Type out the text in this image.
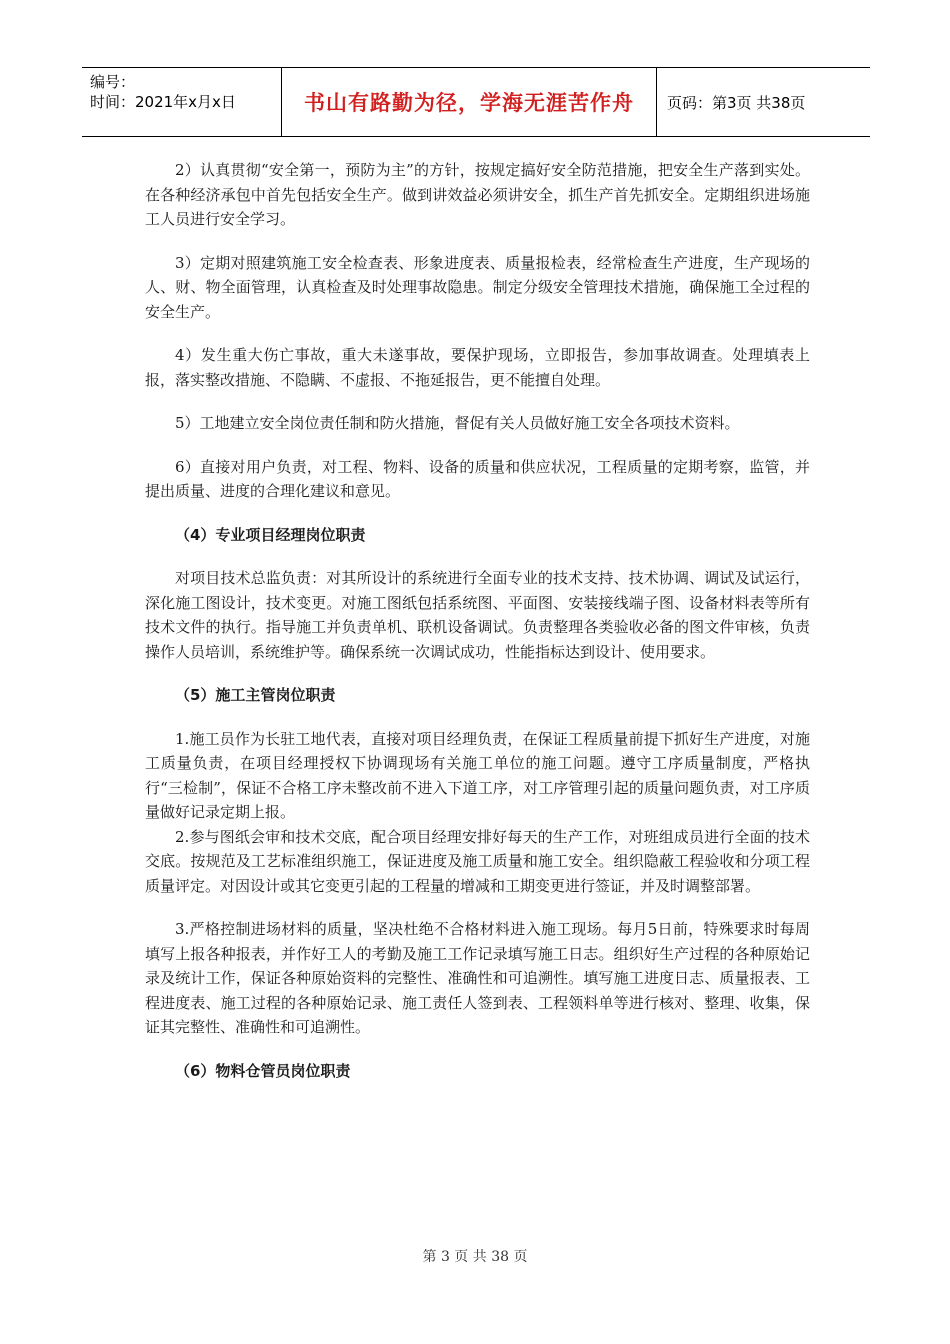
编号：
时间：2021年x月x日	书山有路勤为径，学海无涯苦作舟	页码：第3页 共38页

2）认真贯彻“安全第一，预防为主”的方针，按规定搞好安全防范措施，把安全生产落到实处。在各种经济承包中首先包括安全生产。做到讲效益必须讲安全，抓生产首先抓安全。定期组织进场施工人员进行安全学习。

3）定期对照建筑施工安全检查表、形象进度表、质量报检表，经常检查生产进度，生产现场的人、财、物全面管理，认真检查及时处理事故隐患。制定分级安全管理技术措施，确保施工全过程的安全生产。

4）发生重大伤亡事故，重大未遂事故，要保护现场，立即报告，参加事故调查。处理填表上报，落实整改措施、不隐瞒、不虚报、不拖延报告，更不能擅自处理。

5）工地建立安全岗位责任制和防火措施，督促有关人员做好施工安全各项技术资料。

6）直接对用户负责，对工程、物料、设备的质量和供应状况，工程质量的定期考察，监管，并提出质量、进度的合理化建议和意见。

（4）专业项目经理岗位职责

对项目技术总监负责：对其所设计的系统进行全面专业的技术支持、技术协调、调试及试运行，深化施工图设计，技术变更。对施工图纸包括系统图、平面图、安装接线端子图、设备材料表等所有技术文件的执行。指导施工并负责单机、联机设备调试。负责整理各类验收必备的图文件审核，负责操作人员培训，系统维护等。确保系统一次调试成功，性能指标达到设计、使用要求。

（5）施工主管岗位职责

1.施工员作为长驻工地代表，直接对项目经理负责，在保证工程质量前提下抓好生产进度，对施工质量负责，在项目经理授权下协调现场有关施工单位的施工问题。遵守工序质量制度，严格执行“三检制”，保证不合格工序未整改前不进入下道工序，对工序管理引起的质量问题负责，对工序质量做好记录定期上报。

2.参与图纸会审和技术交底，配合项目经理安排好每天的生产工作，对班组成员进行全面的技术交底。按规范及工艺标准组织施工，保证进度及施工质量和施工安全。组织隐蔽工程验收和分项工程质量评定。对因设计或其它变更引起的工程量的增减和工期变更进行签证，并及时调整部署。

3.严格控制进场材料的质量，坚决杜绝不合格材料进入施工现场。每月5日前，特殊要求时每周填写上报各种报表，并作好工人的考勤及施工工作记录填写施工日志。组织好生产过程的各种原始记录及统计工作，保证各种原始资料的完整性、准确性和可追溯性。填写施工进度日志、质量报表、工程进度表、施工过程的各种原始记录、施工责任人签到表、工程领料单等进行核对、整理、收集，保证其完整性、准确性和可追溯性。

（6）物料仓管员岗位职责

第 3 页 共 38 页
